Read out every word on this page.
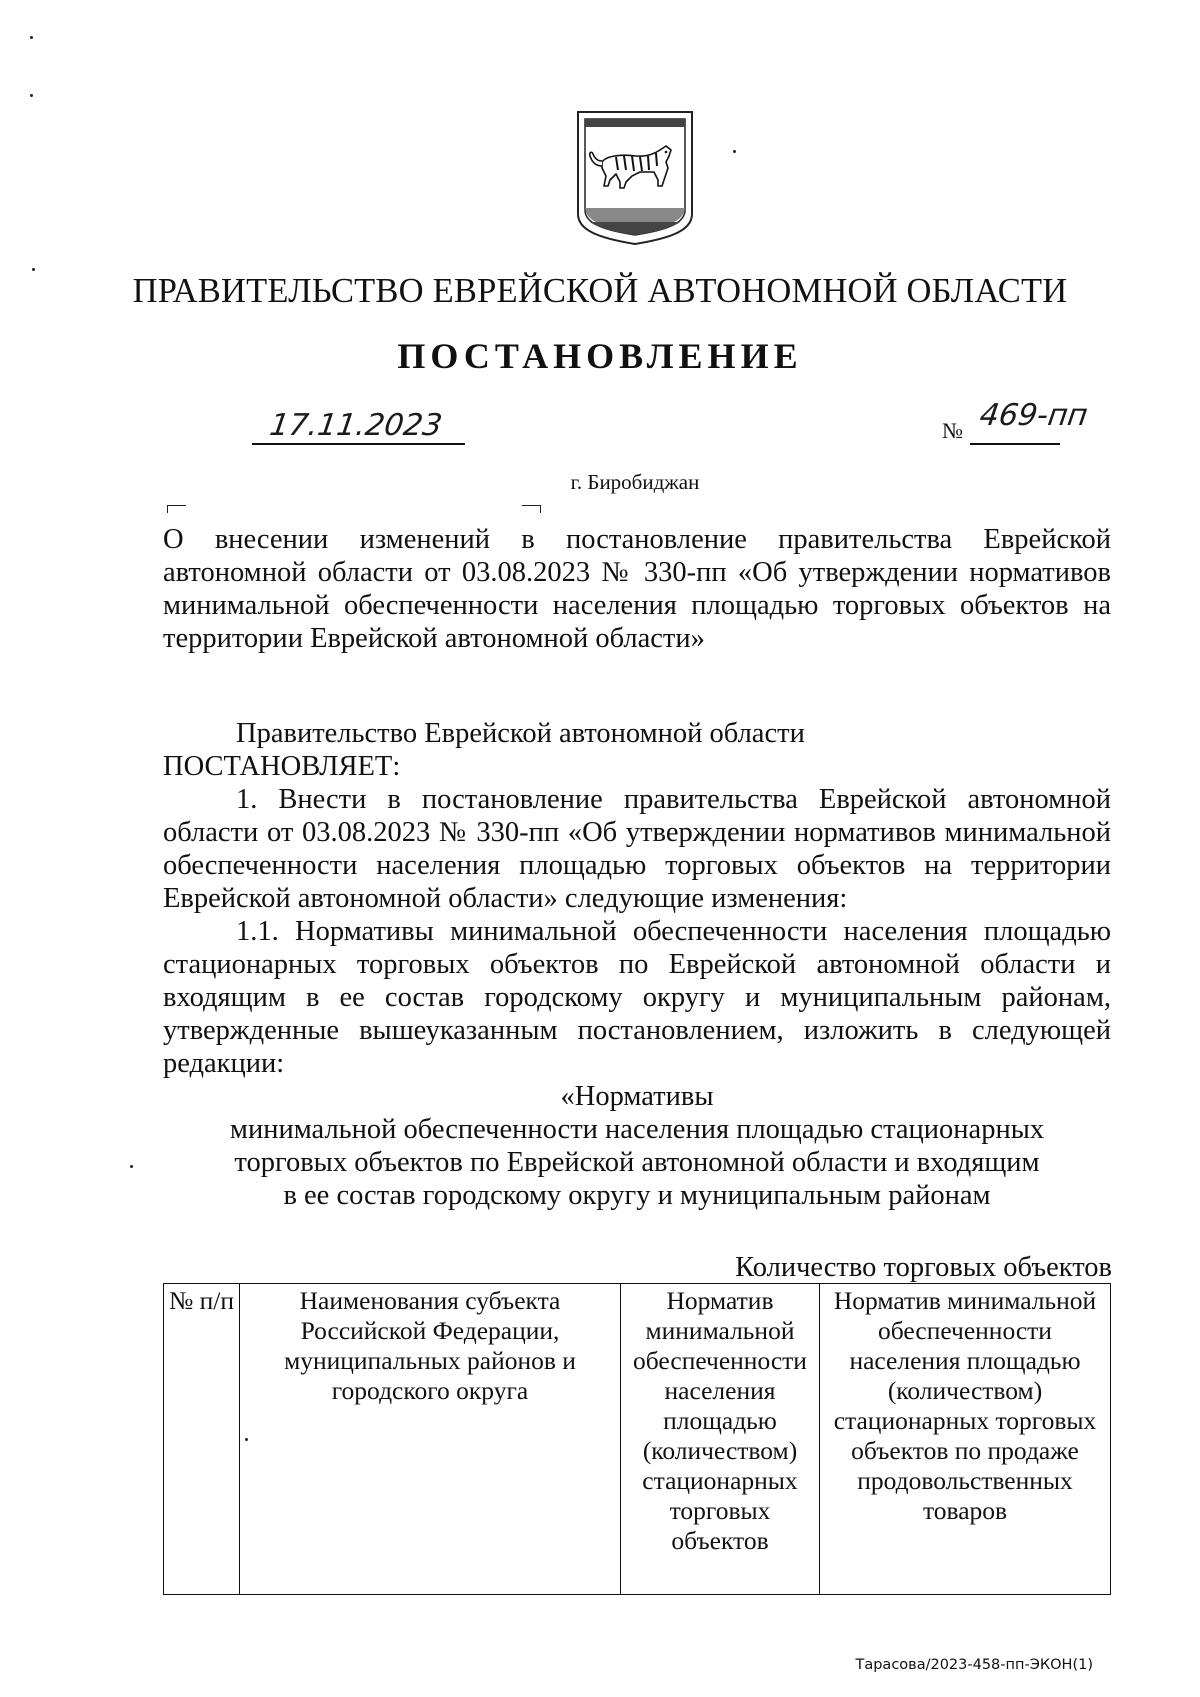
ПРАВИТЕЛЬСТВО ЕВРЕЙСКОЙ АВТОНОМНОЙ ОБЛАСТИ
ПОСТАНОВЛЕНИЕ
17.11.2023	№ 469-пп
г. Биробиджан
О внесении изменений в постановление правительства Еврейской автономной области от 03.08.2023 № 330-пп «Об утверждении нормативов минимальной обеспеченности населения площадью торговых объектов на территории Еврейской автономной области»

Правительство Еврейской автономной области

ПОСТАНОВЛЯЕТ:

1. Внести в постановление правительства Еврейской автономной области от 03.08.2023 № 330-пп «Об утверждении нормативов минимальной обеспеченности населения площадью торговых объектов на территории Еврейской автономной области» следующие изменения:

1.1. Нормативы минимальной обеспеченности населения площадью стационарных торговых объектов по Еврейской автономной области и входящим в ее состав городскому округу и муниципальным районам, утвержденные вышеуказанным постановлением, изложить в следующей редакции:

«Нормативы

минимальной обеспеченности населения площадью стационарных

торговых объектов по Еврейской автономной области и входящим

в ее состав городскому округу и муниципальным районам

Количество торговых объектов
№ п/п	Наименования субъекта Российской Федерации, муниципальных районов и городского округа	Норматив минимальной обеспеченности населения площадью (количеством) стационарных торговых объектов	Норматив минимальной обеспеченности населения площадью (количеством) стационарных торговых объектов по продаже продовольственных товаров
Тарасова/2023-458-пп-ЭКОН(1)
